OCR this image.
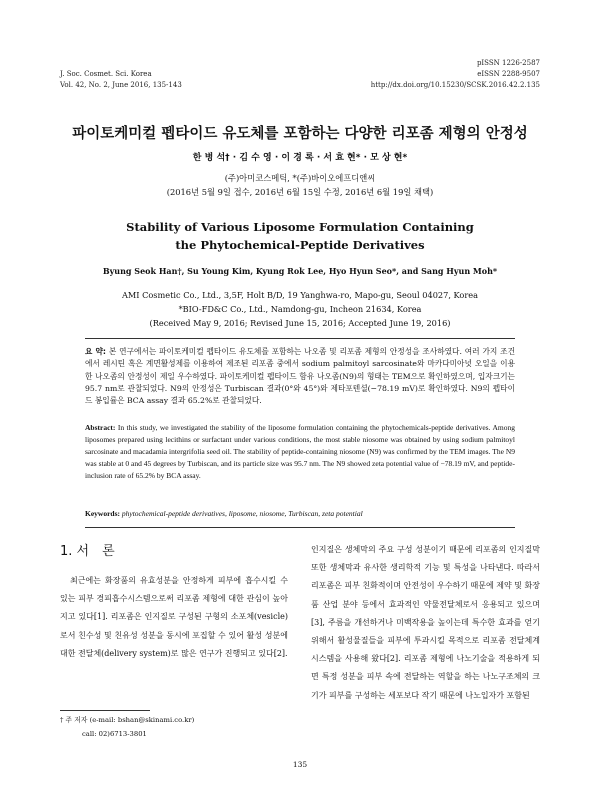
J. Soc. Cosmet. Sci. Korea
Vol. 42, No. 2, June 2016, 135-143
pISSN 1226-2587
eISSN 2288-9507
http://dx.doi.org/10.15230/SCSK.2016.42.2.135
파이토케미컬 펩타이드 유도체를 포함하는 다양한 리포좀 제형의 안정성
한 병 석† · 김 수 영 · 이 경 록 · 서 효 현* · 모 상 현*
(주)아미코스메틱, *(주)바이오에프디앤씨
(2016년 5월 9일 접수, 2016년 6월 15일 수정, 2016년 6월 19일 채택)
Stability of Various Liposome Formulation Containing
the Phytochemical-Peptide Derivatives
Byung Seok Han†, Su Young Kim, Kyung Rok Lee, Hyo Hyun Seo*, and Sang Hyun Moh*
AMI Cosmetic Co., Ltd., 3,5F, Holt B/D, 19 Yanghwa-ro, Mapo-gu, Seoul 04027, Korea
*BIO-FD&C Co., Ltd., Namdong-gu, Incheon 21634, Korea
(Received May 9, 2016; Revised June 15, 2016; Accepted June 19, 2016)
요 약: 본 연구에서는 파이토케미컬 펩타이드 유도체를 포함하는 나오좀 및 리포좀 제형의 안정성을 조사하였다. 여러 가지 조건에서 레시틴 혹은 계면활성제를 이용하여 제조된 리포좀 중에서 sodium palmitoyl sarcosinate와 마카다미아넛 오일을 이용한 나오좀의 안정성이 제일 우수하였다. 파이토케미컬 펩타이드 함유 나오좀(N9)의 형태는 TEM으로 확인하였으며, 입자크기는 95.7 nm로 관찰되었다. N9의 안정성은 Turbiscan 결과(0°와 45°)와 제타포텐셜(−78.19 mV)로 확인하였다. N9의 펩타이드 봉입률은 BCA assay 결과 65.2%로 관찰되었다.
Abstract: In this study, we investigated the stability of the liposome formulation containing the phytochemicals-peptide derivatives. Among liposomes prepared using lecithins or surfactant under various conditions, the most stable niosome was obtained by using sodium palmitoyl sarcosinate and macadamia intergrifolia seed oil. The stability of peptide-containing niosome (N9) was confirmed by the TEM images. The N9 was stable at 0 and 45 degrees by Turbiscan, and its particle size was 95.7 nm. The N9 showed zeta potential value of −78.19 mV, and peptide-inclusion rate of 65.2% by BCA assay.
Keywords: phytochemical-peptide derivatives, liposome, niosome, Turbiscan, zeta potential
1. 서　론
최근에는 화장품의 유효성분을 안정하게 피부에 흡수시킬 수 있는 피부 경피흡수시스템으로써 리포좀 제형에 대한 관심이 높아지고 있다[1]. 리포좀은 인지질로 구성된 구형의 소포체(vesicle)로서 친수성 및 친유성 성분을 동시에 포집할 수 있어 활성 성분에 대한 전달체(delivery system)로 많은 연구가 진행되고 있다[2].
인지질은 생체막의 주요 구성 성분이기 때문에 리포좀의 인지질막 또한 생체막과 유사한 생리학적 기능 및 특성을 나타낸다. 따라서 리포좀은 피부 친화적이며 안전성이 우수하기 때문에 제약 및 화장품 산업 분야 등에서 효과적인 약물전달체로서 응용되고 있으며[3], 주름을 개선하거나 미백작용을 높이는데 특수한 효과를 얻기 위해서 활성물질들을 피부에 투과시킬 목적으로 리포좀 전달체계 시스템을 사용해 왔다[2]. 리포좀 제형에 나노기술을 적용하게 되면 특정 성분을 피부 속에 전달하는 역할을 하는 나노구조체의 크기가 피부를 구성하는 세포보다 작기 때문에 나노입자가 포함된
† 주 저자 (e-mail: bshan@skinami.co.kr)
call: 02)6713-3801
135
